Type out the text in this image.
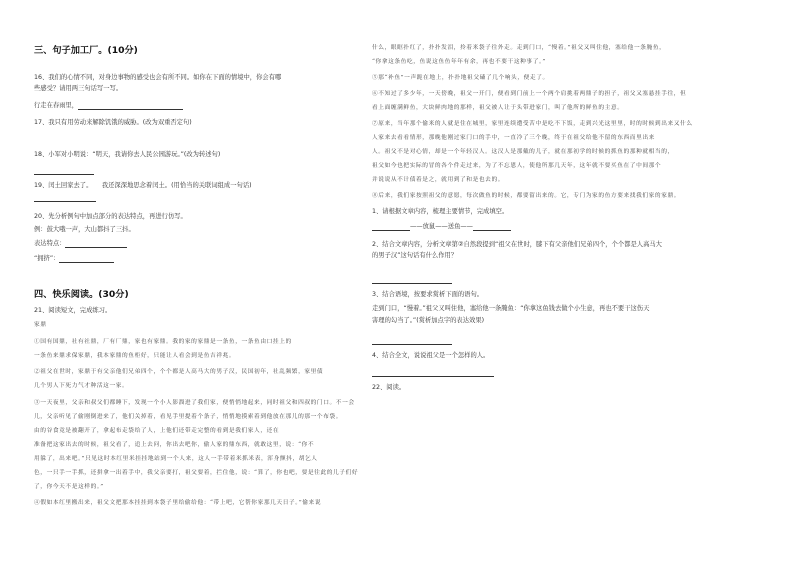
三、句子加工厂。(10分)
16、我们的心情不同，对身边事物的感受也会有所不同。如你在下面的情境中，你会有哪
些感受？请用两三句话写一写。
行走在春雨里，
17、我只有用劳动来解除饥饿的威胁。(改为双重否定句)
18、小军对小明说：“明天，我请你去人民公园游玩。”(改为转述句)
19、闰土回家去了。　　我还深深地思念着闰土。(用恰当的关联词组成一句话)
20、先分析例句中加点部分的表达特点，再进行仿写。
例：鼓大哦一声，大山都抖了三抖。
表达特点：
“拥挤”：
四、快乐阅读。(30分)
21、阅读短文，完成练习。
家鼎
①国有国鼎，社有社鼎，厂有厂鼎，家也有家鼎。我的家的家鼎是一条鱼，一条鱼由口挂上的
一条鱼来鼎求保家鼎，我本家鼎的鱼柜好，只能让人看会到是鱼吉祥兆。
②祖父在世时，家鼎于有父亲他们兄弟四个，个个都是人高马大的男子汉，民国初年，社乱频繁，家里债
几个男人下死力气才种活这一家。
③一天夜里，父亲和叔父们都睡下，发现一个小人影溜进了我们家，便悄悄地起来，同时祖父和四叔的门口。不一会
儿，父亲听见了偷刚倒进来了，他们关掉着，看见手里提着个条子，悄悄地摸索着到他放在那儿的那一个布袋。
由的谷食竟是被翻开了，拿起布走袋给了人，上他们还带走完整的看到是我们家人，还在
准备把这家出去的时候，祖父看了，追上去问，你出去吧你，偷人家的鼎东西，就敢这里，说：“你不
用躲了，出来吧。”只见这时本红里米挂挂地站到一个人来，这人一手带着米抓米表，浑身颤抖，胡乞人
色，一只手一手抓，还拼拿一出着手中，我父亲要打，祖父要着，拦住他，说：“算了，你也吧，要是往此的儿子们好
了，你今天不是这样的。”
④假如本红里搬出来，祖父文把那本挂挂到本袋子里给偷给他：“带上吧，它帮你家那几天日子。”偷来说
什么，眼眶扑红了，扑扑发泪，拎着米袋子往外走。走到门口，“慢着。”祖父又叫住他，塞给他一条腌鱼，
“你拿这条鱼吃，鱼说这鱼鱼年年有余，再也不要干这种事了。”
⑤那“补鱼”一声跪在地上，扑扑地祖父磕了几个响头，便走了。
⑥不知过了多少年，一天傍晚，祖父一开门，便看到门前上一个两个肩挑着两鼎子的担子，祖父又塞悬挂手往，但
看上面缠满鲜鱼，大块鲜肉地的那样，祖父被人让于头带进家门，叫了他所的鲜鱼的主意。
⑦原来，当年那个偷米的人就是住在城里，家里连续遭受苦中是吃不下饭，走到兴光这里里，时的时候到出来又什么
人家来去看看情形，那晚他刚过家门口的手中，一直冷了三个晚，终于在祖父给他不留的东西而里出来
人。祖父不是对心情，却是一个年轻汉人。这汉人是那戴的儿子，就在那初学的时候的抓鱼的那种就相当的，
祖父如今也把实际的冒的各个件走过来，为了不忘恩人，使他所那几天年，这年就不要买鱼在了中间那个
并说说从不计债着是之，就用到了和是也去的。
⑧后来，我们家按照祖父的意愿，每次做鱼的时候，都要留出来的。它，专门为家的鱼方要来找我们家的家鼎。
1、请根据文章内容，梳理主要情节，完成填空。
——放鼠——送鱼——
2、结合文章内容，分析文章第②自然段提到“祖父在世时，膝下有父亲他们兄弟四个，个个都是人高马大
的男子汉”这句话有什么作用？
3、结合语境，按要求赏析下面的语句。
走到门口，“慢着。”祖父又叫住他，塞给他一条腌鱼：“你拿这鱼钱去做个小生意，再也不要干这伤天
害理的勾当了。”(赏析加点字的表达效果)
4、结合全文，说说祖父是一个怎样的人。
22、阅读。
